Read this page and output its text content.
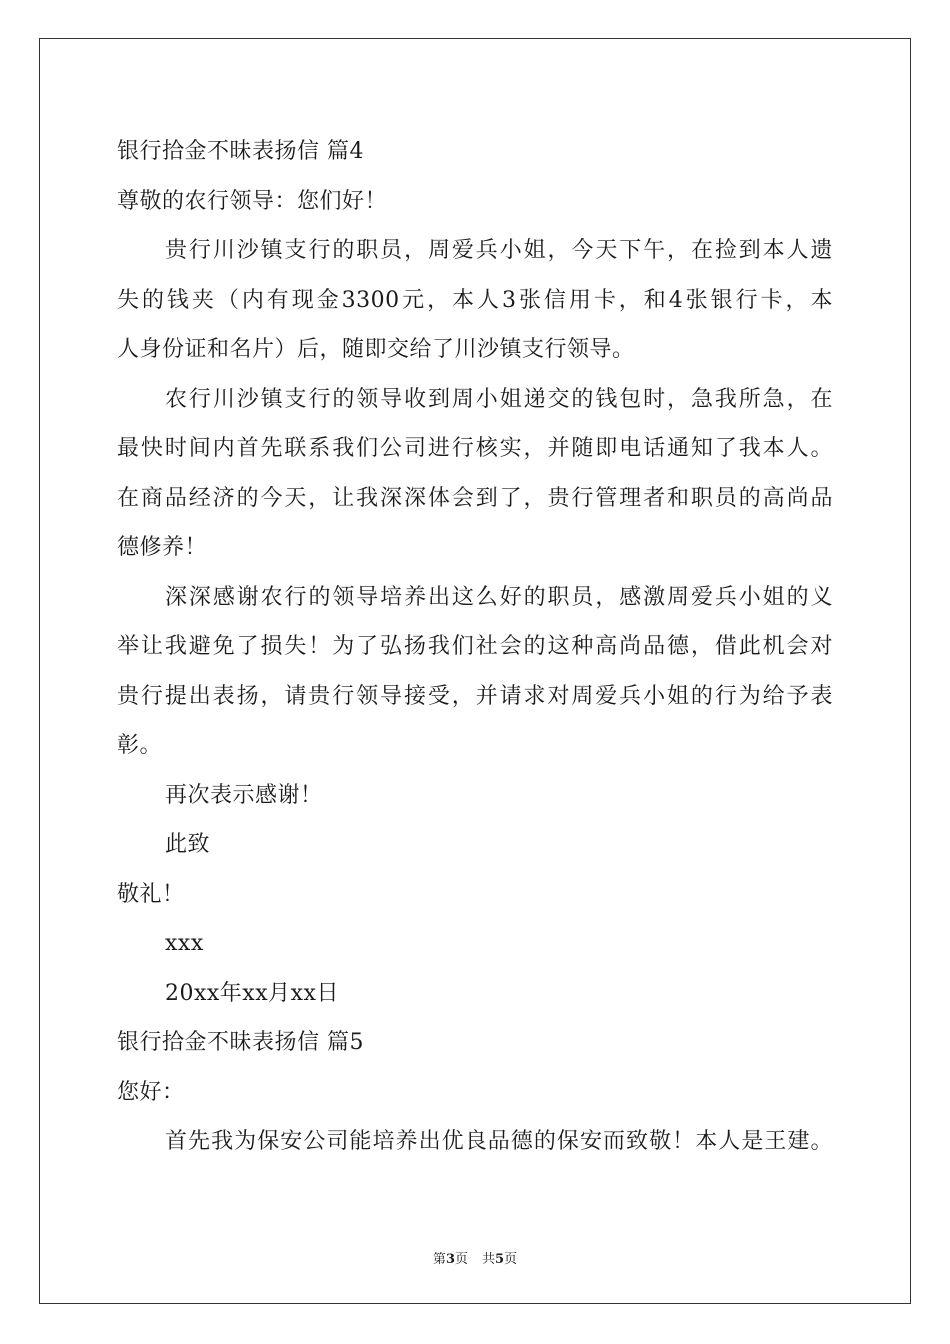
银行拾金不昧表扬信 篇4
尊敬的农行领导：您们好！
贵行川沙镇支行的职员，周爱兵小姐，今天下午，在捡到本人遗
失的钱夹（内有现金3300元，本人3张信用卡，和4张银行卡，本
人身份证和名片）后，随即交给了川沙镇支行领导。
农行川沙镇支行的领导收到周小姐递交的钱包时，急我所急，在
最快时间内首先联系我们公司进行核实，并随即电话通知了我本人。
在商品经济的今天，让我深深体会到了，贵行管理者和职员的高尚品
德修养！
深深感谢农行的领导培养出这么好的职员，感激周爱兵小姐的义
举让我避免了损失！为了弘扬我们社会的这种高尚品德，借此机会对
贵行提出表扬，请贵行领导接受，并请求对周爱兵小姐的行为给予表
彰。
再次表示感谢！
此致
敬礼！
xxx
20xx年xx月xx日
银行拾金不昧表扬信 篇5
您好：
首先我为保安公司能培养出优良品德的保安而致敬！本人是王建。
第3页 共5页
